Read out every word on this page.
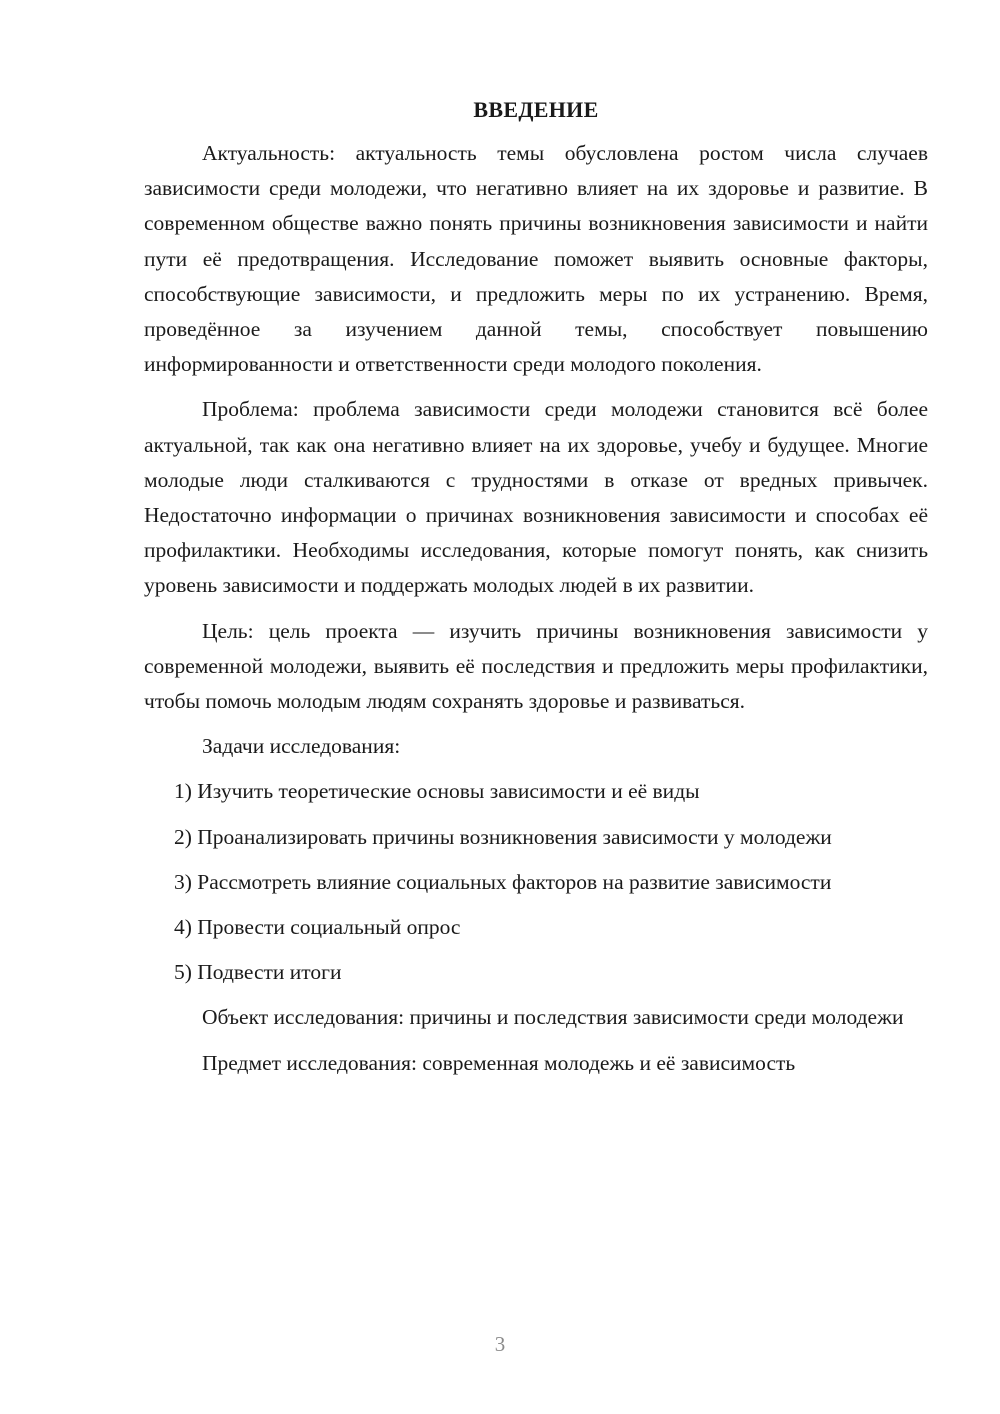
ВВЕДЕНИЕ

Актуальность: актуальность темы обусловлена ростом числа случаев зависимости среди молодежи, что негативно влияет на их здоровье и развитие. В современном обществе важно понять причины возникновения зависимости и найти пути её предотвращения. Исследование поможет выявить основные факторы, способствующие зависимости, и предложить меры по их устранению. Время, проведённое за изучением данной темы, способствует повышению информированности и ответственности среди молодого поколения.

Проблема: проблема зависимости среди молодежи становится всё более актуальной, так как она негативно влияет на их здоровье, учебу и будущее. Многие молодые люди сталкиваются с трудностями в отказе от вредных привычек. Недостаточно информации о причинах возникновения зависимости и способах её профилактики. Необходимы исследования, которые помогут понять, как снизить уровень зависимости и поддержать молодых людей в их развитии.

Цель: цель проекта — изучить причины возникновения зависимости у современной молодежи, выявить её последствия и предложить меры профилактики, чтобы помочь молодым людям сохранять здоровье и развиваться.

Задачи исследования:

1) Изучить теоретические основы зависимости и её виды

2) Проанализировать причины возникновения зависимости у молодежи

3) Рассмотреть влияние социальных факторов на развитие зависимости

4) Провести социальный опрос

5) Подвести итоги

Объект исследования: причины и последствия зависимости среди молодежи

Предмет исследования: современная молодежь и её зависимость

3
